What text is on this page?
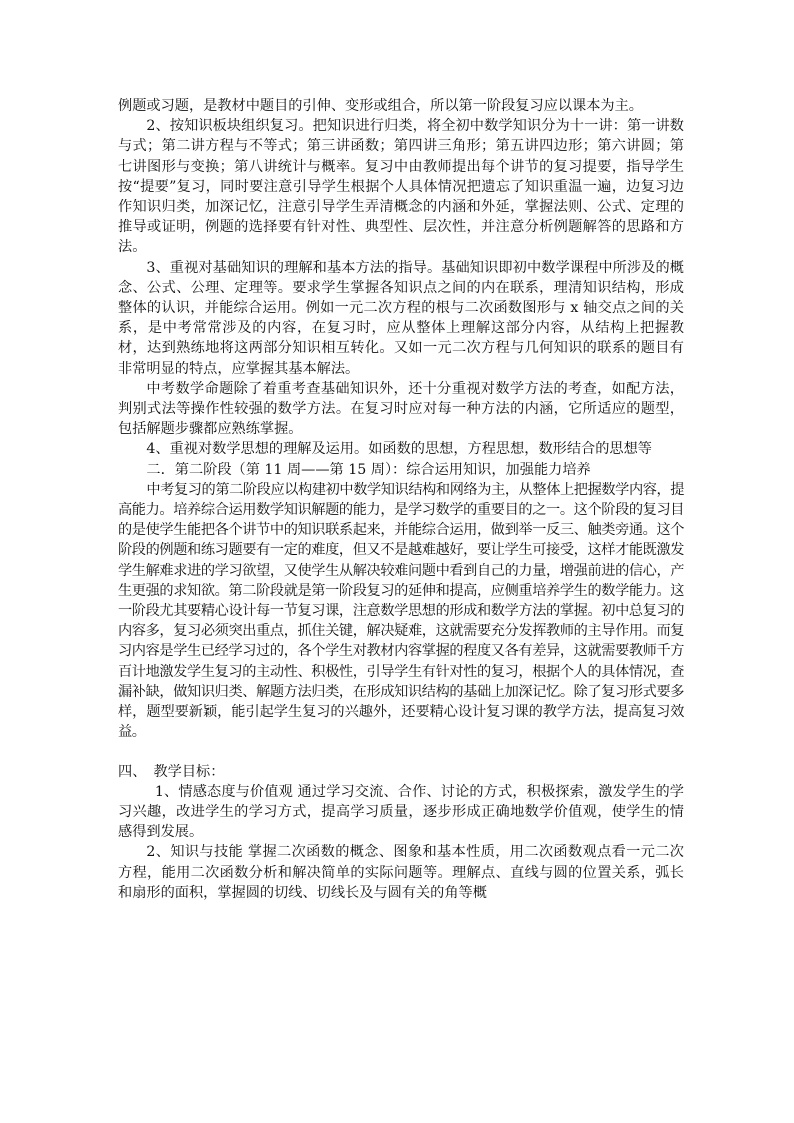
例题或习题，是教材中题目的引伸、变形或组合，所以第一阶段复习应以课本为主。

2、按知识板块组织复习。把知识进行归类，将全初中数学知识分为十一讲：第一讲数与式；第二讲方程与不等式；第三讲函数；第四讲三角形；第五讲四边形；第六讲圆；第七讲图形与变换；第八讲统计与概率。复习中由教师提出每个讲节的复习提要，指导学生按“提要”复习，同时要注意引导学生根据个人具体情况把遗忘了知识重温一遍，边复习边作知识归类，加深记忆，注意引导学生弄清概念的内涵和外延，掌握法则、公式、定理的推导或证明，例题的选择要有针对性、典型性、层次性，并注意分析例题解答的思路和方法。

3、重视对基础知识的理解和基本方法的指导。基础知识即初中数学课程中所涉及的概念、公式、公理、定理等。要求学生掌握各知识点之间的内在联系，理清知识结构，形成整体的认识，并能综合运用。例如一元二次方程的根与二次函数图形与 x 轴交点之间的关系，是中考常常涉及的内容，在复习时，应从整体上理解这部分内容，从结构上把握教材，达到熟练地将这两部分知识相互转化。又如一元二次方程与几何知识的联系的题目有非常明显的特点，应掌握其基本解法。

中考数学命题除了着重考查基础知识外，还十分重视对数学方法的考查，如配方法，判别式法等操作性较强的数学方法。在复习时应对每一种方法的内涵，它所适应的题型，包括解题步骤都应熟练掌握。

4、重视对数学思想的理解及运用。如函数的思想，方程思想，数形结合的思想等

二．第二阶段（第 11 周——第 15 周）：综合运用知识，加强能力培养

中考复习的第二阶段应以构建初中数学知识结构和网络为主，从整体上把握数学内容，提高能力。培养综合运用数学知识解题的能力，是学习数学的重要目的之一。这个阶段的复习目的是使学生能把各个讲节中的知识联系起来，并能综合运用，做到举一反三、触类旁通。这个阶段的例题和练习题要有一定的难度，但又不是越难越好，要让学生可接受，这样才能既激发学生解难求进的学习欲望，又使学生从解决较难问题中看到自己的力量，增强前进的信心，产生更强的求知欲。第二阶段就是第一阶段复习的延伸和提高，应侧重培养学生的数学能力。这一阶段尤其要精心设计每一节复习课，注意数学思想的形成和数学方法的掌握。初中总复习的内容多，复习必须突出重点，抓住关键，解决疑难，这就需要充分发挥教师的主导作用。而复习内容是学生已经学习过的，各个学生对教材内容掌握的程度又各有差异，这就需要教师千方百计地激发学生复习的主动性、积极性，引导学生有针对性的复习，根据个人的具体情况，查漏补缺，做知识归类、解题方法归类，在形成知识结构的基础上加深记忆。除了复习形式要多样，题型要新颖，能引起学生复习的兴趣外，还要精心设计复习课的教学方法，提高复习效益。

四、　教学目标：

1、情感态度与价值观 通过学习交流、合作、讨论的方式，积极探索，激发学生的学习兴趣，改进学生的学习方式，提高学习质量，逐步形成正确地数学价值观，使学生的情感得到发展。

2、知识与技能 掌握二次函数的概念、图象和基本性质，用二次函数观点看一元二次方程，能用二次函数分析和解决简单的实际问题等。理解点、直线与圆的位置关系，弧长和扇形的面积，掌握圆的切线、切线长及与圆有关的角等概
